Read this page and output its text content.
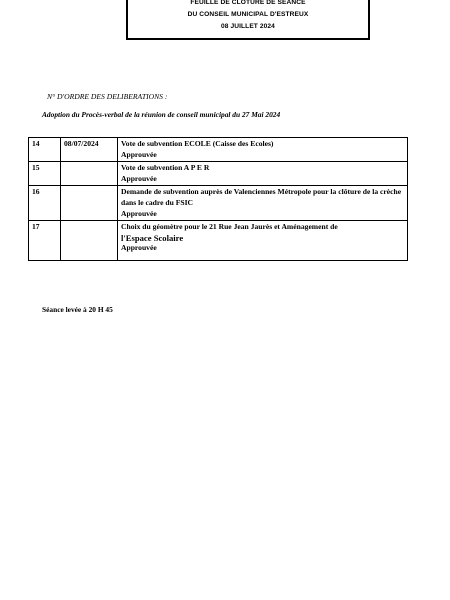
FEUILLE DE CLOTURE DE SEANCE
DU CONSEIL MUNICIPAL D'ESTREUX
08 JUILLET 2024
N° D'ORDRE DES DELIBERATIONS :
Adoption du Procès-verbal de la réunion de conseil municipal du 27 Mai 2024
14	08/07/2024	Vote de subvention ECOLE (Caisse des Ecoles)
Approuvée

15		Vote de subvention A P E R
Approuvée

16		Demande de subvention auprès de Valenciennes Métropole pour la clôture de la crèche dans le cadre du FSIC
Approuvée

17		Choix du géomètre pour le 21 Rue Jean Jaurès et Aménagement de
l'Espace Scolaire
Approuvée
Séance levée à 20 H 45
